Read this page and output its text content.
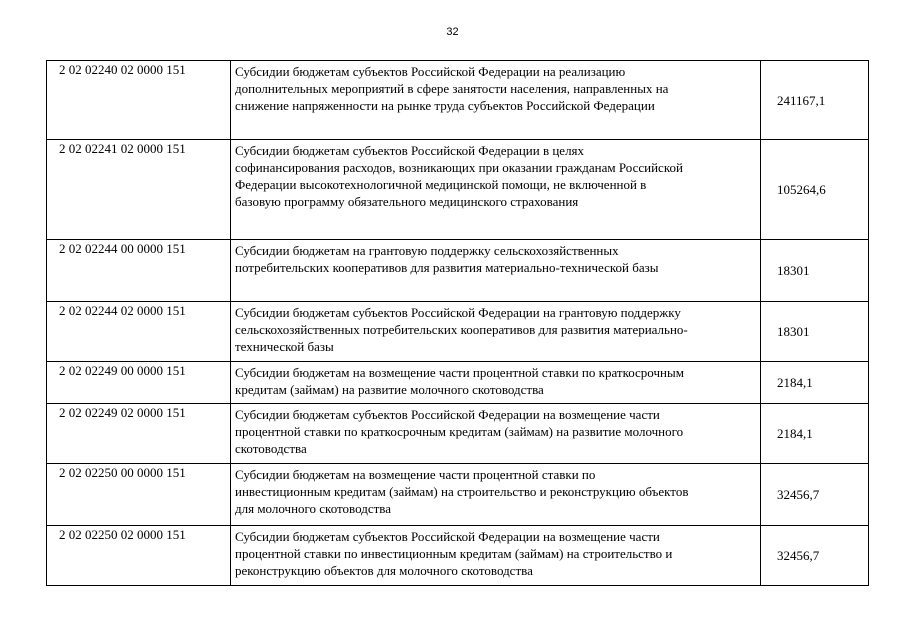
32
2 02 02240 02 0000 151	Субсидии бюджетам субъектов Российской Федерации на реализацию
дополнительных мероприятий в сфере занятости населения, направленных на
снижение напряженности на рынке труда субъектов Российской Федерации	241167,1
2 02 02241 02 0000 151	Субсидии бюджетам субъектов Российской Федерации в целях
софинансирования расходов, возникающих при оказании гражданам Российской
Федерации высокотехнологичной медицинской помощи, не включенной в
базовую программу обязательного медицинского страхования	105264,6
2 02 02244 00 0000 151	Субсидии бюджетам на грантовую поддержку сельскохозяйственных
потребительских кооперативов для развития материально-технической базы	18301
2 02 02244 02 0000 151	Субсидии бюджетам субъектов Российской Федерации на грантовую поддержку
сельскохозяйственных потребительских кооперативов для развития материально-
технической базы	18301
2 02 02249 00 0000 151	Субсидии бюджетам на возмещение части процентной ставки по краткосрочным
кредитам (займам) на развитие молочного скотоводства	2184,1
2 02 02249 02 0000 151	Субсидии бюджетам субъектов Российской Федерации на возмещение части
процентной ставки по краткосрочным кредитам (займам) на развитие молочного
скотоводства	2184,1
2 02 02250 00 0000 151	Субсидии бюджетам на возмещение части процентной ставки по
инвестиционным кредитам (займам) на строительство и реконструкцию объектов
для молочного скотоводства	32456,7
2 02 02250 02 0000 151	Субсидии бюджетам субъектов Российской Федерации на возмещение части
процентной ставки по инвестиционным кредитам (займам) на строительство и
реконструкцию объектов для молочного скотоводства	32456,7
